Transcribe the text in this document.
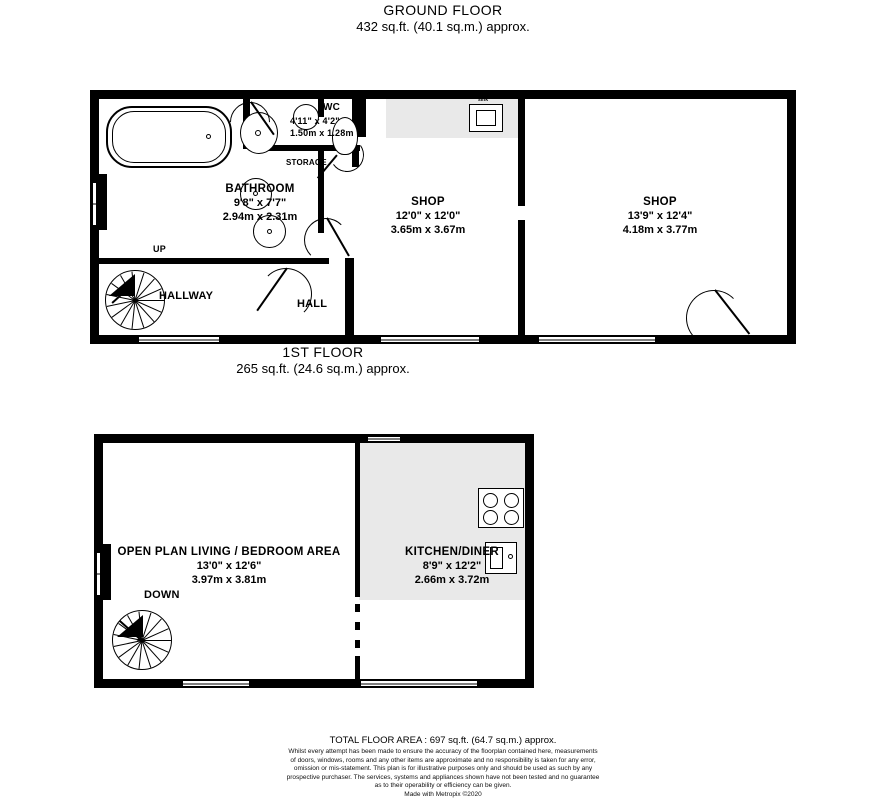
GROUND FLOOR
432 sq.ft. (40.1 sq.m.) approx.
sink
BATHROOM
9'8" x 7'7"
2.94m x 2.31m
WC
4'11" x 4'2"
1.50m x 1.28m
SHOP
12'0" x 12'0"
3.65m x 3.67m
SHOP
13'9" x 12'4"
4.18m x 3.77m
STORAGE
HALLWAY
HALL
UP
1ST FLOOR
265 sq.ft. (24.6 sq.m.) approx.
OPEN PLAN LIVING / BEDROOM AREA
13'0" x 12'6"
3.97m x 3.81m
KITCHEN/DINER
8'9" x 12'2"
2.66m x 3.72m
DOWN
TOTAL FLOOR AREA : 697 sq.ft. (64.7 sq.m.) approx.
Whilst every attempt has been made to ensure the accuracy of the floorplan contained here, measurements
of doors, windows, rooms and any other items are approximate and no responsibility is taken for any error,
omission or mis-statement. This plan is for illustrative purposes only and should be used as such by any
prospective purchaser. The services, systems and appliances shown have not been tested and no guarantee
as to their operability or efficiency can be given.
Made with Metropix ©2020
